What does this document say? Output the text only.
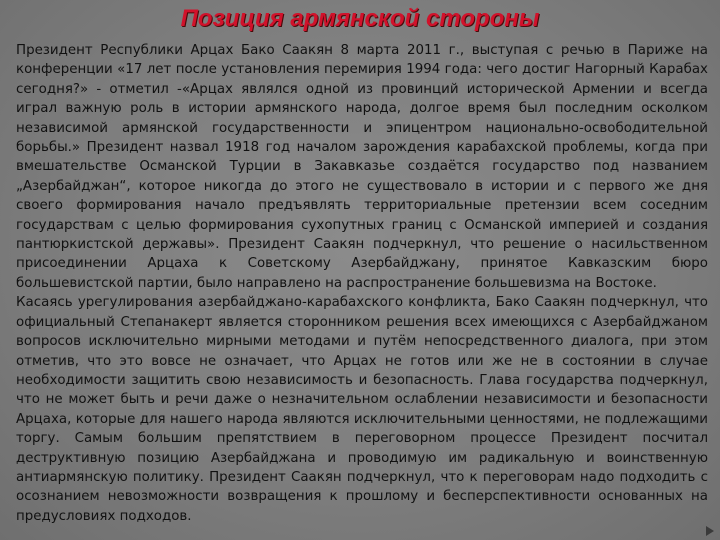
Позиция армянской стороны

Президент Республики Арцах Бако Саакян 8 марта 2011 г., выступая с речью в Париже на конференции «17 лет после установления перемирия 1994 года: чего достиг Нагорный Карабах сегодня?» - отметил -«Арцах являлся одной из провинций исторической Армении и всегда играл важную роль в истории армянского народа, долгое время был последним осколком независимой армянской государственности и эпицентром национально-освободительной борьбы.» Президент назвал 1918 год началом зарождения карабахской проблемы, когда при вмешательстве Османской Турции в Закавказье создаётся государство под названием „Азербайджан“, которое никогда до этого не существовало в истории и с первого же дня своего формирования начало предъявлять территориальные претензии всем соседним государствам с целью формирования сухопутных границ с Османской империей и создания пантюркистской державы». Президент Саакян подчеркнул, что решение о насильственном присоединении Арцаха к Советскому Азербайджану, принятое Кавказским бюро большевистской партии, было направлено на распространение большевизма на Востоке.

Касаясь урегулирования азербайджано-карабахского конфликта, Бако Саакян подчеркнул, что официальный Степанакерт является сторонником решения всех имеющихся с Азербайджаном вопросов исключительно мирными методами и путём непосредственного диалога, при этом отметив, что это вовсе не означает, что Арцах не готов или же не в состоянии в случае необходимости защитить свою независимость и безопасность. Глава государства подчеркнул, что не может быть и речи даже о незначительном ослаблении независимости и безопасности Арцаха, которые для нашего народа являются исключительными ценностями, не подлежащими торгу. Самым большим препятствием в переговорном процессе Президент посчитал деструктивную позицию Азербайджана и проводимую им радикальную и воинственную антиармянскую политику. Президент Саакян подчеркнул, что к переговорам надо подходить с осознанием невозможности возвращения к прошлому и бесперспективности основанных на предусловиях подходов.
